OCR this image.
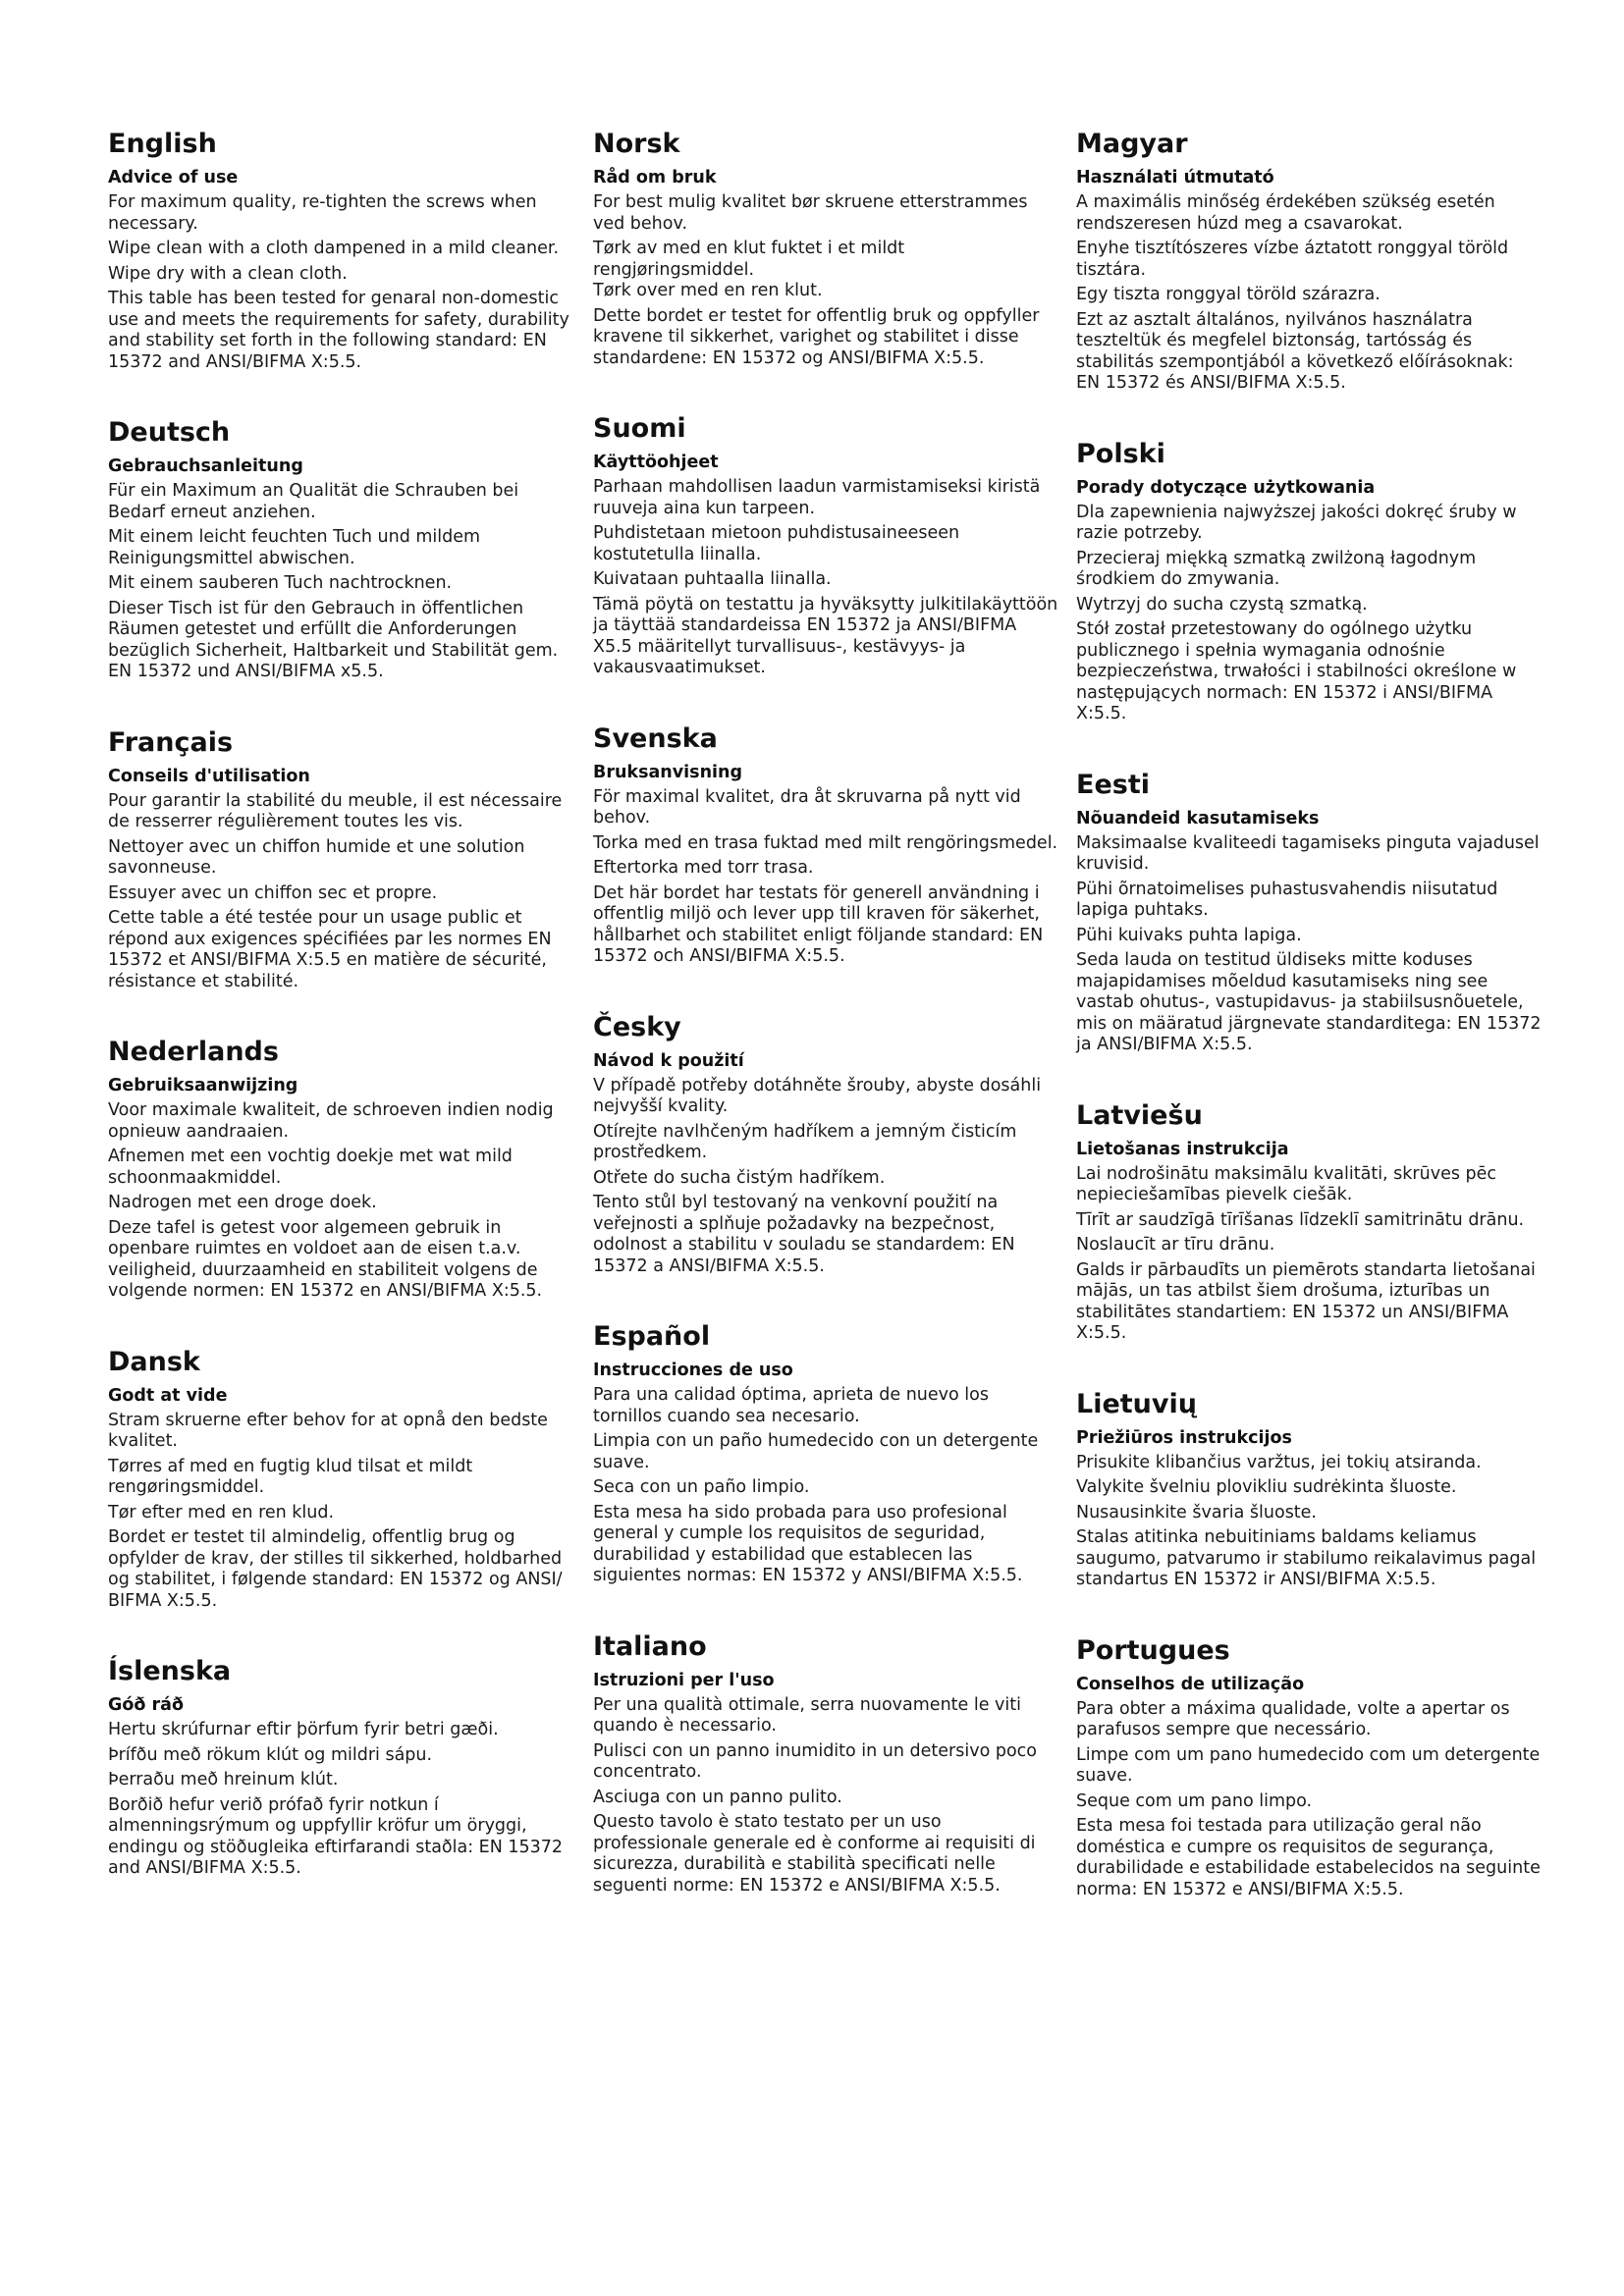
English
Advice of use

For maximum quality, re-tighten the screws when necessary.

Wipe clean with a cloth dampened in a mild cleaner.

Wipe dry with a clean cloth.

This table has been tested for genaral non-domestic use and meets the requirements for safety, durability and stability set forth in the following standard: EN 15372 and ANSI/BIFMA X:5.5.

Deutsch
Gebrauchsanleitung

Für ein Maximum an Qualität die Schrauben bei Bedarf erneut anziehen.

Mit einem leicht feuchten Tuch und mildem Reinigungsmittel abwischen.

Mit einem sauberen Tuch nachtrocknen.

Dieser Tisch ist für den Gebrauch in öffentlichen Räumen getestet und erfüllt die Anforderungen bezüglich Sicherheit, Haltbarkeit und Stabilität gem. EN 15372 und ANSI/BIFMA x5.5.

Français
Conseils d'utilisation

Pour garantir la stabilité du meuble, il est nécessaire de resserrer régulièrement toutes les vis.

Nettoyer avec un chiffon humide et une solution savonneuse.

Essuyer avec un chiffon sec et propre.

Cette table a été testée pour un usage public et répond aux exigences spécifiées par les normes EN 15372 et ANSI/BIFMA X:5.5 en matière de sécurité, résistance et stabilité.

Nederlands
Gebruiksaanwijzing

Voor maximale kwaliteit, de schroeven indien nodig opnieuw aandraaien.

Afnemen met een vochtig doekje met wat mild schoonmaakmiddel.

Nadrogen met een droge doek.

Deze tafel is getest voor algemeen gebruik in openbare ruimtes en voldoet aan de eisen t.a.v. veiligheid, duurzaamheid en stabiliteit volgens de volgende normen: EN 15372 en ANSI/BIFMA X:5.5.

Dansk
Godt at vide

Stram skruerne efter behov for at opnå den bedste kvalitet.

Tørres af med en fugtig klud tilsat et mildt rengøringsmiddel.

Tør efter med en ren klud.

Bordet er testet til almindelig, offentlig brug og opfylder de krav, der stilles til sikkerhed, holdbarhed og stabilitet, i følgende standard: EN 15372 og ANSI/ BIFMA X:5.5.

Íslenska
Góð ráð

Hertu skrúfurnar eftir þörfum fyrir betri gæði.

Þrífðu með rökum klút og mildri sápu.

Þerraðu með hreinum klút.

Borðið hefur verið prófað fyrir notkun í almenningsrýmum og uppfyllir kröfur um öryggi, endingu og stöðugleika eftirfarandi staðla: EN 15372 and ANSI/BIFMA X:5.5.

Norsk
Råd om bruk

For best mulig kvalitet bør skruene etterstrammes ved behov.

Tørk av med en klut fuktet i et mildt rengjøringsmiddel.
Tørk over med en ren klut.

Dette bordet er testet for offentlig bruk og oppfyller kravene til sikkerhet, varighet og stabilitet i disse standardene: EN 15372 og ANSI/BIFMA X:5.5.

Suomi
Käyttöohjeet

Parhaan mahdollisen laadun varmistamiseksi kiristä ruuveja aina kun tarpeen.

Puhdistetaan mietoon puhdistusaineeseen kostutetulla liinalla.

Kuivataan puhtaalla liinalla.

Tämä pöytä on testattu ja hyväksytty julkitilakäyttöön ja täyttää standardeissa EN 15372 ja ANSI/BIFMA X5.5 määritellyt turvallisuus-, kestävyys- ja vakausvaatimukset.

Svenska
Bruksanvisning

För maximal kvalitet, dra åt skruvarna på nytt vid behov.

Torka med en trasa fuktad med milt rengöringsmedel.

Eftertorka med torr trasa.

Det här bordet har testats för generell användning i offentlig miljö och lever upp till kraven för säkerhet, hållbarhet och stabilitet enligt följande standard: EN 15372 och ANSI/BIFMA X:5.5.

Česky
Návod k použití

V případě potřeby dotáhněte šrouby, abyste dosáhli nejvyšší kvality.

Otírejte navlhčeným hadříkem a jemným čisticím prostředkem.

Otřete do sucha čistým hadříkem.

Tento stůl byl testovaný na venkovní použití na veřejnosti a splňuje požadavky na bezpečnost, odolnost a stabilitu v souladu se standardem: EN 15372 a ANSI/BIFMA X:5.5.

Español
Instrucciones de uso

Para una calidad óptima, aprieta de nuevo los tornillos cuando sea necesario.

Limpia con un paño humedecido con un detergente suave.

Seca con un paño limpio.

Esta mesa ha sido probada para uso profesional general y cumple los requisitos de seguridad, durabilidad y estabilidad que establecen las siguientes normas: EN 15372 y ANSI/BIFMA X:5.5.

Italiano
Istruzioni per l'uso

Per una qualità ottimale, serra nuovamente le viti quando è necessario.

Pulisci con un panno inumidito in un detersivo poco concentrato.

Asciuga con un panno pulito.

Questo tavolo è stato testato per un uso professionale generale ed è conforme ai requisiti di sicurezza, durabilità e stabilità specificati nelle seguenti norme: EN 15372 e ANSI/BIFMA X:5.5.

Magyar
Használati útmutató

A maximális minőség érdekében szükség esetén rendszeresen húzd meg a csavarokat.

Enyhe tisztítószeres vízbe áztatott ronggyal töröld tisztára.

Egy tiszta ronggyal töröld szárazra.

Ezt az asztalt általános, nyilvános használatra teszteltük és megfelel biztonság, tartósság és stabilitás szempontjából a következő előírásoknak: EN 15372 és ANSI/BIFMA X:5.5.

Polski
Porady dotyczące użytkowania

Dla zapewnienia najwyższej jakości dokręć śruby w razie potrzeby.

Przecieraj miękką szmatką zwilżoną łagodnym środkiem do zmywania.

Wytrzyj do sucha czystą szmatką.

Stół został przetestowany do ogólnego użytku publicznego i spełnia wymagania odnośnie bezpieczeństwa, trwałości i stabilności określone w następujących normach: EN 15372 i ANSI/BIFMA X:5.5.

Eesti
Nõuandeid kasutamiseks

Maksimaalse kvaliteedi tagamiseks pinguta vajadusel kruvisid.

Pühi õrnatoimelises puhastusvahendis niisutatud lapiga puhtaks.

Pühi kuivaks puhta lapiga.

Seda lauda on testitud üldiseks mitte koduses majapidamises mõeldud kasutamiseks ning see vastab ohutus-, vastupidavus- ja stabiilsusnõuetele, mis on määratud järgnevate standarditega: EN 15372 ja ANSI/BIFMA X:5.5.

Latviešu
Lietošanas instrukcija

Lai nodrošinātu maksimālu kvalitāti, skrūves pēc nepieciešamības pievelk ciešāk.

Tīrīt ar saudzīgā tīrīšanas līdzeklī samitrinātu drānu.

Noslaucīt ar tīru drānu.

Galds ir pārbaudīts un piemērots standarta lietošanai mājās, un tas atbilst šiem drošuma, izturības un stabilitātes standartiem: EN 15372 un ANSI/BIFMA X:5.5.

Lietuvių
Priežiūros instrukcijos

Prisukite klibančius varžtus, jei tokių atsiranda.

Valykite švelniu plovikliu sudrėkinta šluoste.

Nusausinkite švaria šluoste.

Stalas atitinka nebuitiniams baldams keliamus saugumo, patvarumo ir stabilumo reikalavimus pagal standartus EN 15372 ir ANSI/BIFMA X:5.5.

Portugues
Conselhos de utilização

Para obter a máxima qualidade, volte a apertar os parafusos sempre que necessário.

Limpe com um pano humedecido com um detergente suave.

Seque com um pano limpo.

Esta mesa foi testada para utilização geral não doméstica e cumpre os requisitos de segurança, durabilidade e estabilidade estabelecidos na seguinte norma: EN 15372 e ANSI/BIFMA X:5.5.
